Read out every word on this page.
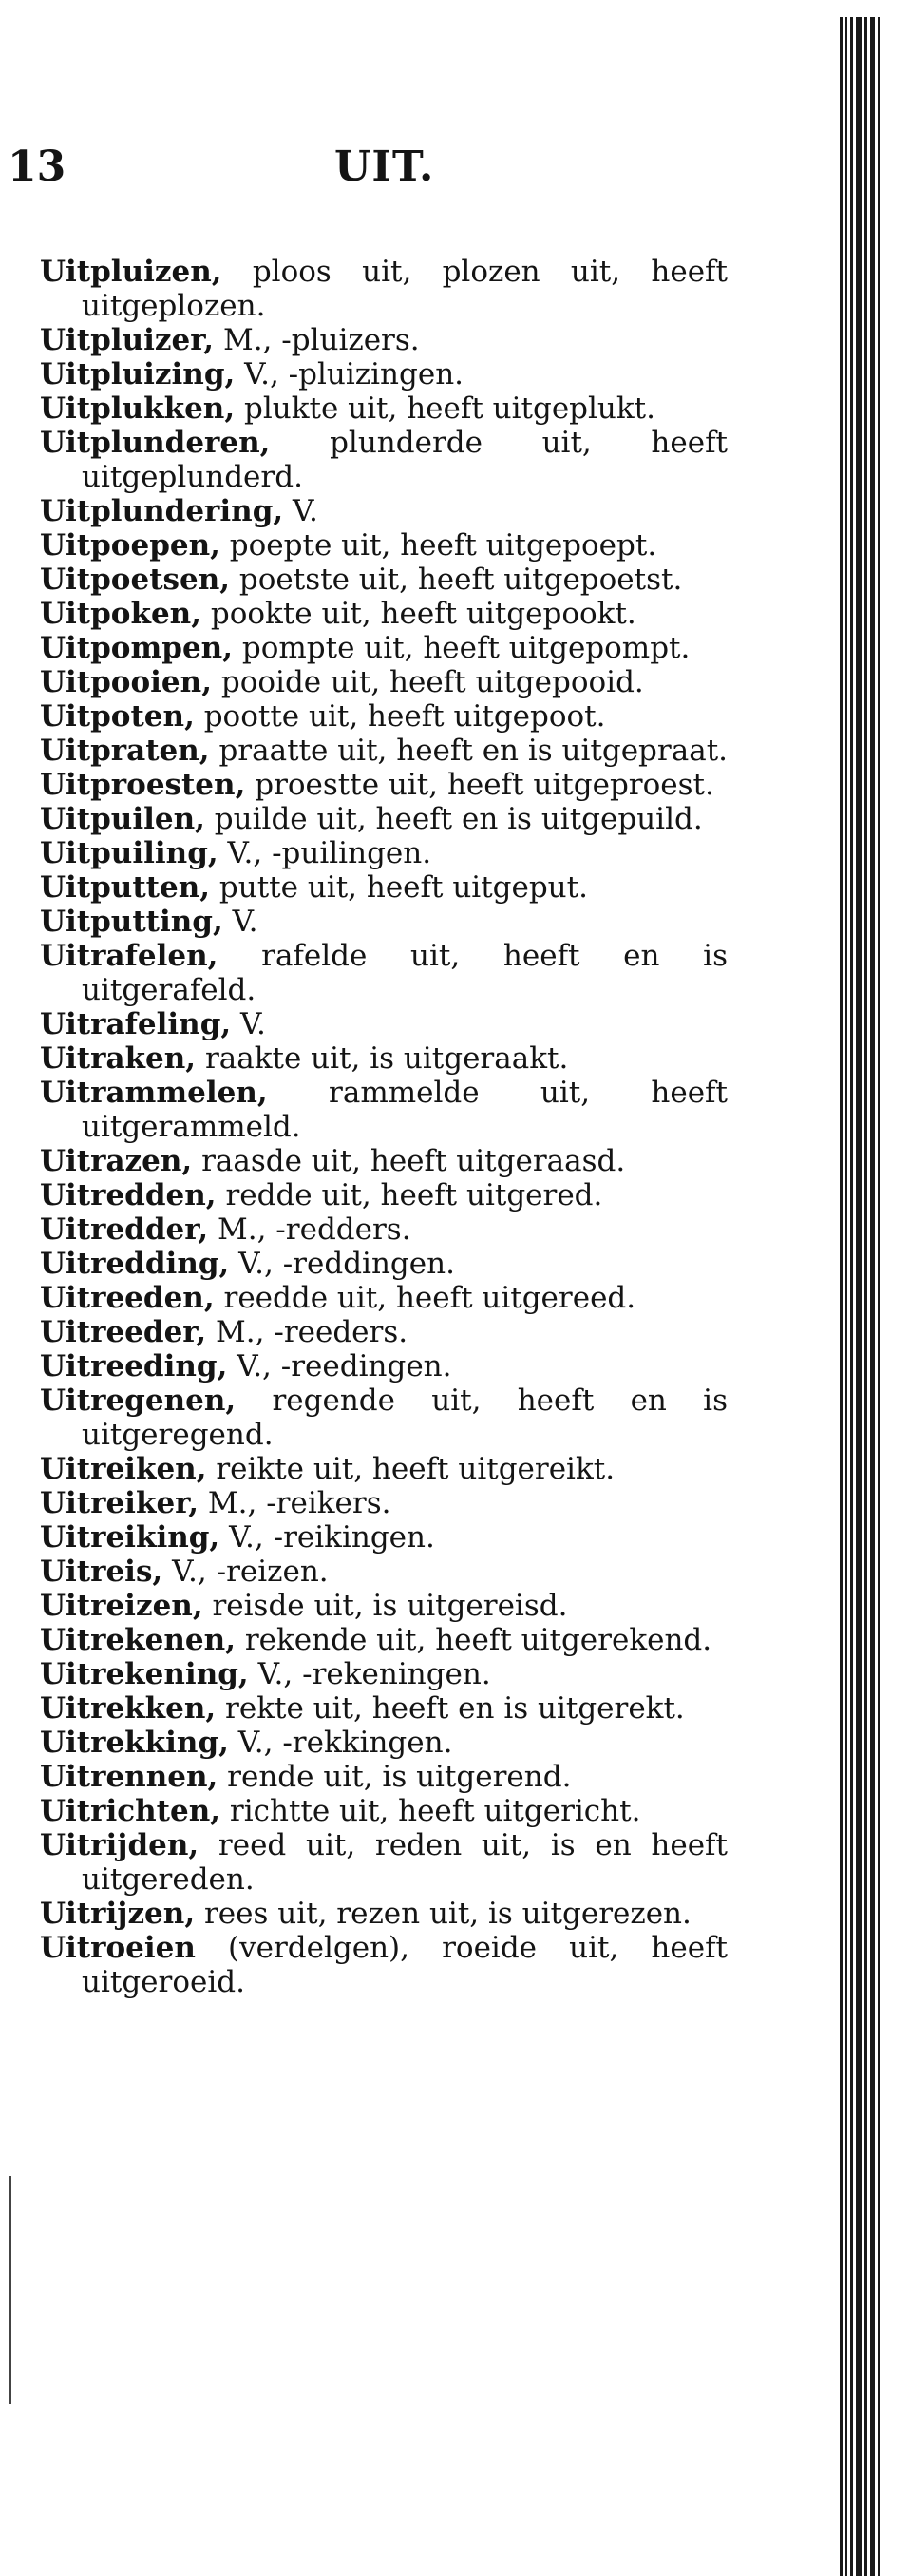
13	UIT.

Uitpluizen, ploos uit, plozen uit, heeft uitgeplozen.

Uitpluizer, M., -pluizers.

Uitpluizing, V., -pluizingen.

Uitplukken, plukte uit, heeft uitgeplukt.

Uitplunderen, plunderde uit, heeft uitgeplunderd.

Uitplundering, V.

Uitpoepen, poepte uit, heeft uitgepoept.

Uitpoetsen, poetste uit, heeft uitgepoetst.

Uitpoken, pookte uit, heeft uitgepookt.

Uitpompen, pompte uit, heeft uitgepompt.

Uitpooien, pooide uit, heeft uitgepooid.

Uitpoten, pootte uit, heeft uitgepoot.

Uitpraten, praatte uit, heeft en is uitgepraat.

Uitproesten, proestte uit, heeft uitgeproest.

Uitpuilen, puilde uit, heeft en is uitgepuild.

Uitpuiling, V., -puilingen.

Uitputten, putte uit, heeft uitgeput.

Uitputting, V.

Uitrafelen, rafelde uit, heeft en is uitgerafeld.

Uitrafeling, V.

Uitraken, raakte uit, is uitgeraakt.

Uitrammelen, rammelde uit, heeft uitgerammeld.

Uitrazen, raasde uit, heeft uitgeraasd.

Uitredden, redde uit, heeft uitgered.

Uitredder, M., -redders.

Uitredding, V., -reddingen.

Uitreeden, reedde uit, heeft uitgereed.

Uitreeder, M., -reeders.

Uitreeding, V., -reedingen.

Uitregenen, regende uit, heeft en is uitgeregend.

Uitreiken, reikte uit, heeft uitgereikt.

Uitreiker, M., -reikers.

Uitreiking, V., -reikingen.

Uitreis, V., -reizen.

Uitreizen, reisde uit, is uitgereisd.

Uitrekenen, rekende uit, heeft uitgerekend.

Uitrekening, V., -rekeningen.

Uitrekken, rekte uit, heeft en is uitgerekt.

Uitrekking, V., -rekkingen.

Uitrennen, rende uit, is uitgerend.

Uitrichten, richtte uit, heeft uitgericht.

Uitrijden, reed uit, reden uit, is en heeft uitgereden.

Uitrijzen, rees uit, rezen uit, is uitgerezen.

Uitroeien (verdelgen), roeide uit, heeft uitgeroeid.
